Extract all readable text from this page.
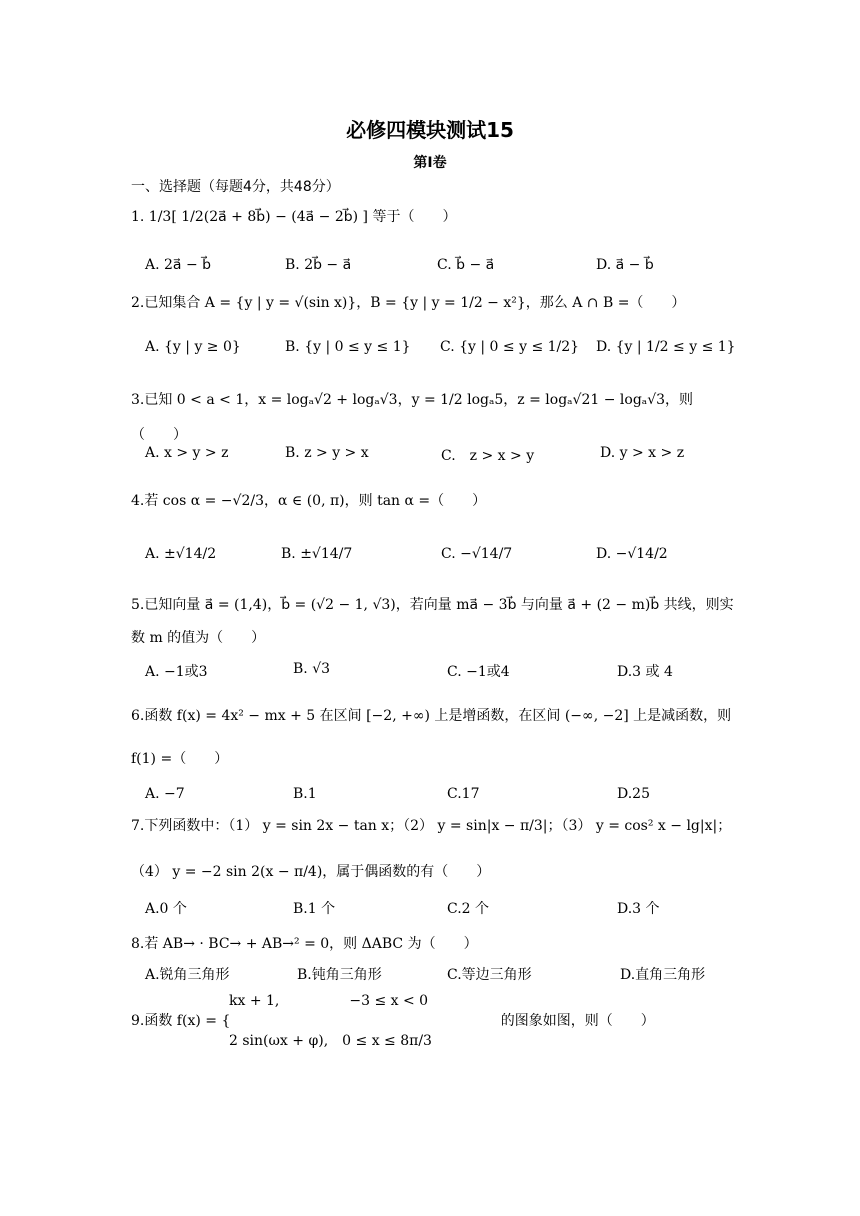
必修四模块测试15
第Ⅰ卷
一、选择题（每题4分，共48分）
1. 1/3[ 1/2(2a⃗ + 8b⃗) − (4a⃗ − 2b⃗) ] 等于（　　）
A. 2a⃗ − b⃗	B. 2b⃗ − a⃗	C. b⃗ − a⃗	D. a⃗ − b⃗
2.已知集合 A = {y | y = √(sin x)}，B = {y | y = 1/2 − x²}，那么 A ∩ B =（　　）
A. {y | y ≥ 0}	B. {y | 0 ≤ y ≤ 1} C. {y | 0 ≤ y ≤ 1/2} D. {y | 1/2 ≤ y ≤ 1}
3.已知 0 < a < 1，x = logₐ√2 + logₐ√3，y = 1/2 logₐ5，z = logₐ√21 − logₐ√3，则
（　　）
A. x > y > z	B. z > y > x	C.　z > x > y	D. y > x > z
4.若 cos α = −√2/3，α ∈ (0, π)，则 tan α =（　　）
A. ±√14/2	B. ±√14/7	C. −√14/7	D. −√14/2
5.已知向量 a⃗ = (1,4)，b⃗ = (√2 − 1, √3)，若向量 ma⃗ − 3b⃗ 与向量 a⃗ + (2 − m)b⃗ 共线，则实
数 m 的值为（　　）
A. −1或3	B. √3	C. −1或4	D.3 或 4
6.函数 f(x) = 4x² − mx + 5 在区间 [−2, +∞) 上是增函数，在区间 (−∞, −2] 上是减函数，则
f(1) =（　　）
A. −7	B.1	C.17	D.25
7.下列函数中：（1） y = sin 2x − tan x；（2） y = sin|x − π/3|；（3） y = cos² x − lg|x|；
（4） y = −2 sin 2(x − π/4)，属于偶函数的有（　　）
A.0 个	B.1 个	C.2 个	D.3 个
8.若 AB→ · BC→ + AB→² = 0，则 ΔABC 为（　　）
A.锐角三角形	B.钝角三角形	C.等边三角形	D.直角三角形
　　　　　　　kx + 1,　　　　　−3 ≤ x < 0
9.函数 f(x) = {　　　　　　　　　　　　　　　　　　　 的图象如图，则（　　）
　　　　　　　2 sin(ωx + φ),　0 ≤ x ≤ 8π/3
